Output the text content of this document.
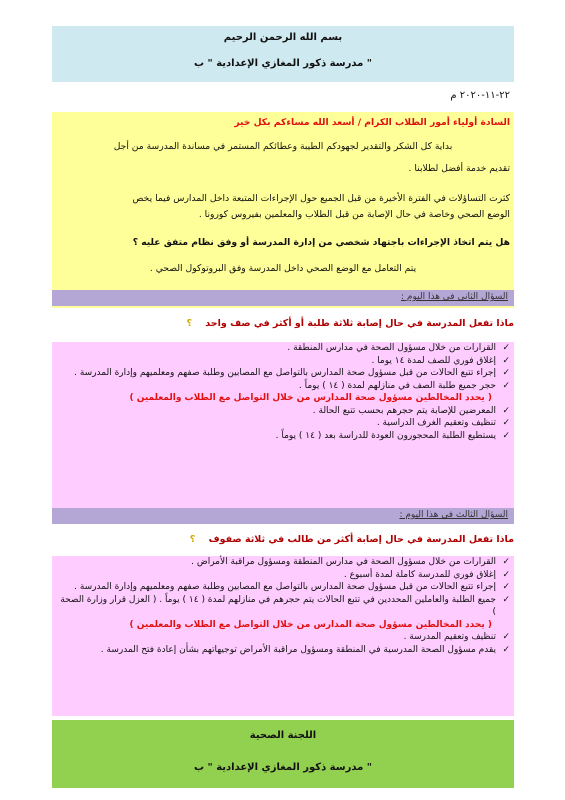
بسم الله الرحمن الرحيم
مدرسة ذكور المغازي الإعدادية " ب "
٢٢-١١-٢٠٢٠ م

السادة أولياء أمور الطلاب الكرام / أسعد الله مساءكم بكل خير

بداية كل الشكر والتقدير لجهودكم الطيبة وعطائكم المستمر في مساندة المدرسة من أجل

تقديم خدمة أفضل لطلابنا .

كثرت التساؤلات في الفترة الأخيرة من قبل الجميع حول الإجراءات المتبعة داخل المدارس فيما يخص

الوضع الصحي وخاصة في حال الإصابة من قبل الطلاب والمعلمين بفيروس كورونا .

هل يتم اتخاذ الإجراءات باجتهاد شخصي من إدارة المدرسة أو وفق نظام متفق عليه ؟

يتم التعامل مع الوضع الصحي داخل المدرسة وفق البروتوكول الصحي .

السؤال الثاني في هذا اليوم :
ماذا تفعل المدرسة في حال إصابة ثلاثة طلبة أو أكثر في صف واحد ؟
✓
القرارات من خلال مسؤول الصحة في مدارس المنطقة .
✓
إغلاق فوري للصف لمدة ١٤ يوما .
✓
إجراء تتبع الحالات من قبل مسؤول صحة المدارس بالتواصل مع المصابين وطلبة صفهم ومعلميهم وإدارة المدرسة .
✓
حجر جميع طلبة الصف في منازلهم لمدة ( ١٤ ) يوماً .
( يحدد المخالطين مسؤول صحة المدارس من خلال التواصل مع الطلاب والمعلمين )
✓
المعرضين للإصابة يتم حجرهم بحسب تتبع الحالة .
✓
تنظيف وتعقيم الغرف الدراسية .
✓
يستطيع الطلبة المحجورون العودة للدراسة بعد ( ١٤ ) يوماً .
السؤال الثالث في هذا اليوم :
ماذا تفعل المدرسة في حال إصابة أكثر من طالب في ثلاثة صفوف ؟
✓
القرارات من خلال مسؤول الصحة في مدارس المنطقة ومسؤول مراقبة الأمراض .
✓
إغلاق فوري للمدرسة كاملة لمدة أسبوع .
✓
إجراء تتبع الحالات من قبل مسؤول صحة المدارس بالتواصل مع المصابين وطلبة صفهم ومعلميهم وإدارة المدرسة .
✓
جميع الطلبة والعاملين المحددين في تتبع الحالات يتم حجرهم في منازلهم لمدة ( ١٤ ) يوماً . ( العزل قرار وزارة الصحة )
( يحدد المخالطين مسؤول صحة المدارس من خلال التواصل مع الطلاب والمعلمين )
✓
تنظيف وتعقيم المدرسة .
✓
يقدم مسؤول الصحة المدرسية في المنطقة ومسؤول مراقبة الأمراض توجيهاتهم بشأن إعادة فتح المدرسة .
اللجنة الصحية
مدرسة ذكور المغازي الإعدادية " ب "
